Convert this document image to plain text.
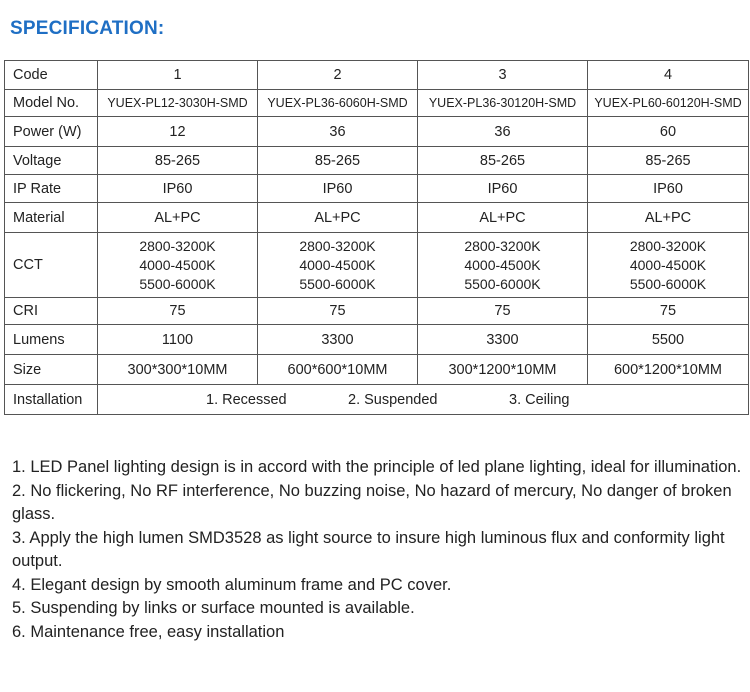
SPECIFICATION:
Code	1	2	3	4
Model No.	YUEX-PL12-3030H-SMD	YUEX-PL36-6060H-SMD	YUEX-PL36-30120H-SMD	YUEX-PL60-60120H-SMD
Power (W)	12	36	36	60
Voltage	85-265	85-265	85-265	85-265
IP Rate	IP60	IP60	IP60	IP60
Material	AL+PC	AL+PC	AL+PC	AL+PC
CCT	2800-3200K
4000-4500K
5500-6000K	2800-3200K
4000-4500K
5500-6000K	2800-3200K
4000-4500K
5500-6000K	2800-3200K
4000-4500K
5500-6000K

CRI	75	75	75	75
Lumens	1100	3300	3300	5500
Size	300*300*10MM	600*600*10MM	300*1200*10MM	600*1200*10MM
Installation	1. Recessed 2. Suspended 3. Ceiling			
1. LED Panel lighting design is in accord with the principle of led plane lighting, ideal for illumination.
2. No flickering, No RF interference, No buzzing noise, No hazard of mercury, No danger of broken    glass.
3. Apply the high lumen SMD3528 as light source to insure high luminous flux and conformity light output.
4. Elegant design by smooth aluminum frame and PC cover.
5. Suspending by links or surface mounted is available.
6. Maintenance free, easy installation
